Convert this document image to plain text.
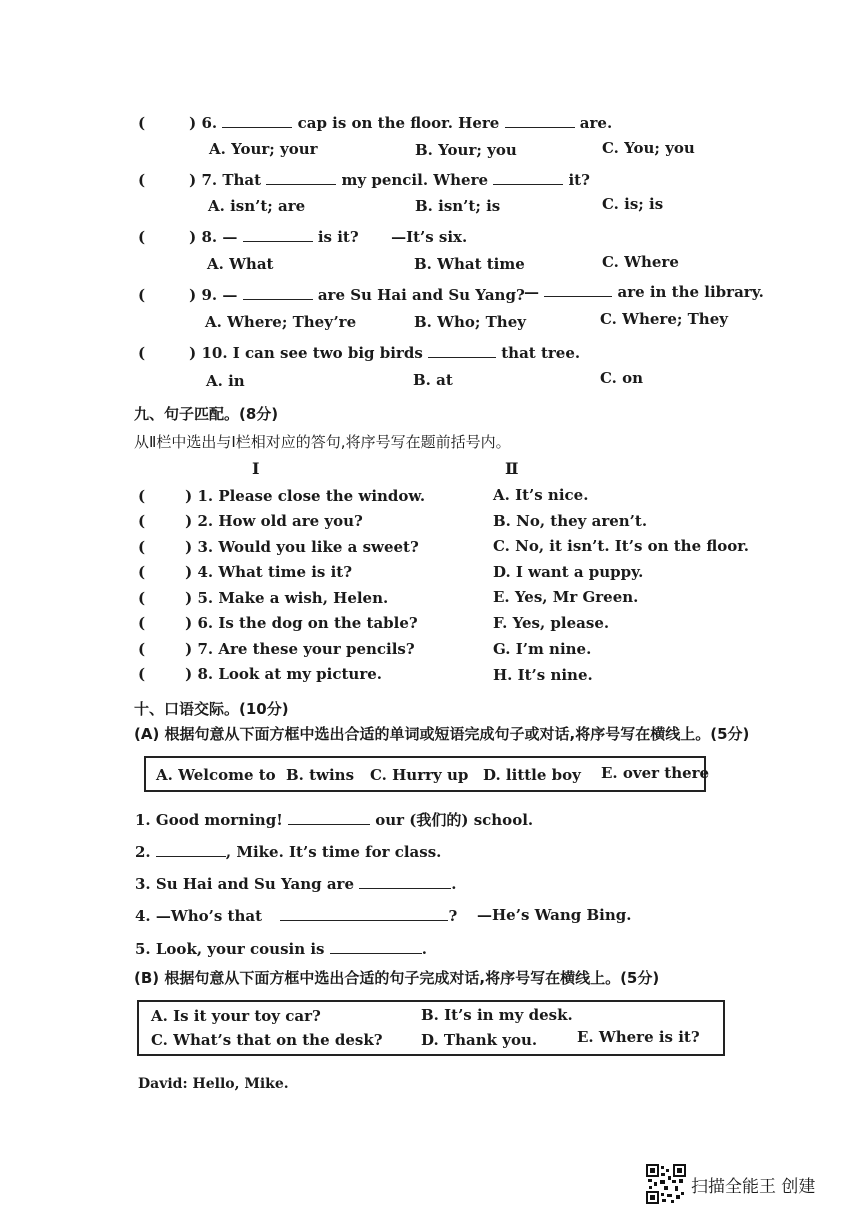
(	) 6.	cap is on the floor. Here	are.
A. Your; your	B. Your; you	C. You; you
(	) 7. That	my pencil. Where	it?
A. isn’t; are	B. isn’t; is	C. is; is
(	) 8. —	is it? —It’s six.
A. What	B. What time	C. Where
(	) 9. —	are Su Hai and Su Yang? —	are in the library.
A. Where; They’re	B. Who; They	C. Where; They
(	) 10. I can see two big birds	that tree.
A. in	B. at	C. on
九、句子匹配。(8分)
从Ⅱ栏中选出与Ⅰ栏相对应的答句,将序号写在题前括号内。
Ⅰ	Ⅱ
(	) 1. Please close the window.	A. It’s nice.
(	) 2. How old are you?	B. No, they aren’t.
(	) 3. Would you like a sweet?	C. No, it isn’t. It’s on the floor.
(	) 4. What time is it?	D. I want a puppy.
(	) 5. Make a wish, Helen.	E. Yes, Mr Green.
(	) 6. Is the dog on the table?	F. Yes, please.
(	) 7. Are these your pencils?	G. I’m nine.
(	) 8. Look at my picture.	H. It’s nine.
十、口语交际。(10分)
(A) 根据句意从下面方框中选出合适的单词或短语完成句子或对话,将序号写在横线上。(5分)
A. Welcome to B. twins C. Hurry up D. little boy E. over there
1. Good morning!	our (我们的) school.
2.	, Mike. It’s time for class.
3. Su Hai and Su Yang are	.
4. —Who’s that	? —He’s Wang Bing.
5. Look, your cousin is	.
(B) 根据句意从下面方框中选出合适的句子完成对话,将序号写在横线上。(5分)
A. Is it your toy car?	B. It’s in my desk.
C. What’s that on the desk?	D. Thank you.	E. Where is it?
David: Hello, Mike.
扫描全能王 创建
